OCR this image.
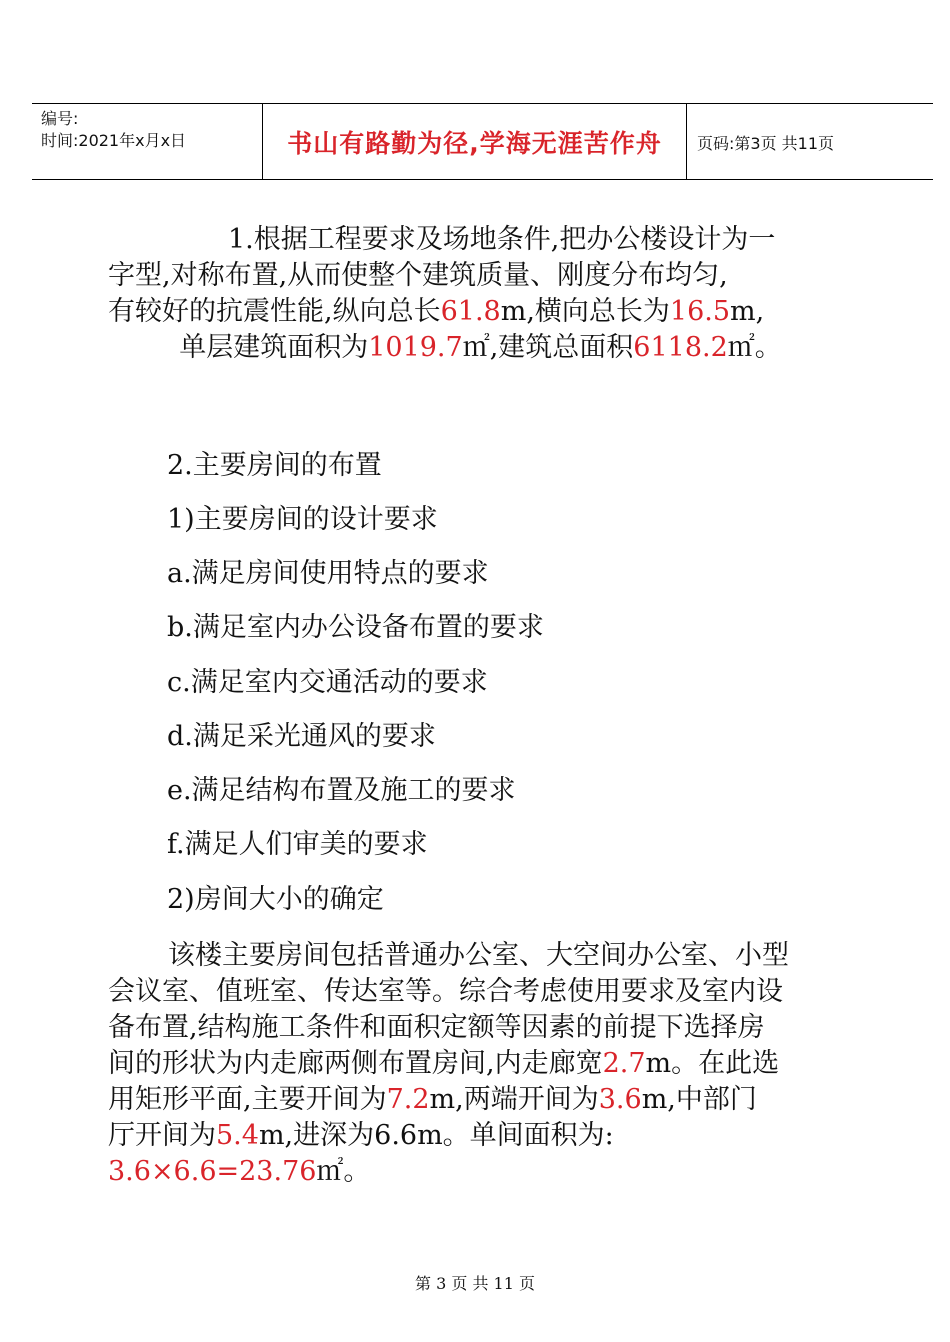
编号:
时间:2021年x月x日	书山有路勤为径,学海无涯苦作舟	页码:第3页 共11页
1.根据工程要求及场地条件,把办公楼设计为一
字型,对称布置,从而使整个建筑质量、刚度分布均匀,
有较好的抗震性能,纵向总长61.8m,横向总长为16.5m,
单层建筑面积为1019.7㎡,建筑总面积6118.2㎡。
2.主要房间的布置
1)主要房间的设计要求
a.满足房间使用特点的要求
b.满足室内办公设备布置的要求
c.满足室内交通活动的要求
d.满足采光通风的要求
e.满足结构布置及施工的要求
f.满足人们审美的要求
2)房间大小的确定
该楼主要房间包括普通办公室、大空间办公室、小型
会议室、值班室、传达室等。综合考虑使用要求及室内设
备布置,结构施工条件和面积定额等因素的前提下选择房
间的形状为内走廊两侧布置房间,内走廊宽2.7m。在此选
用矩形平面,主要开间为7.2m,两端开间为3.6m,中部门
厅开间为5.4m,进深为6.6m。单间面积为:
3.6×6.6=23.76㎡。
第 3 页 共 11 页
